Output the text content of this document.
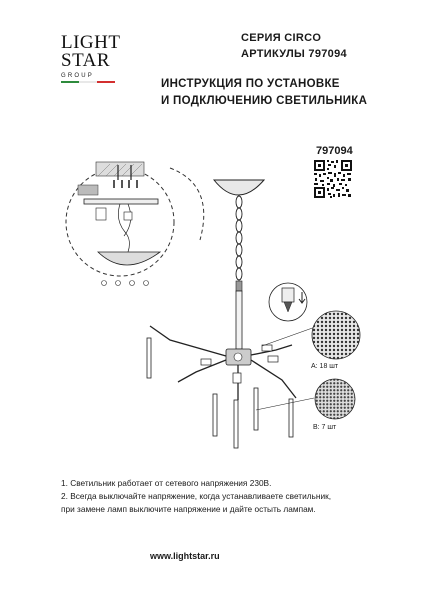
LIGHT
STAR
GROUP
СЕРИЯ CIRCO
АРТИКУЛЫ 797094
ИНСТРУКЦИЯ ПО УСТАНОВКЕ
И ПОДКЛЮЧЕНИЮ СВЕТИЛЬНИКА
797094
A: 18 шт
B: 7 шт
1. Светильник работает от сетевого напряжения 230В.
2. Всегда выключайте напряжение, когда устанавливаете светильник,
при замене ламп выключите напряжение и дайте остыть лампам.
www.lightstar.ru
